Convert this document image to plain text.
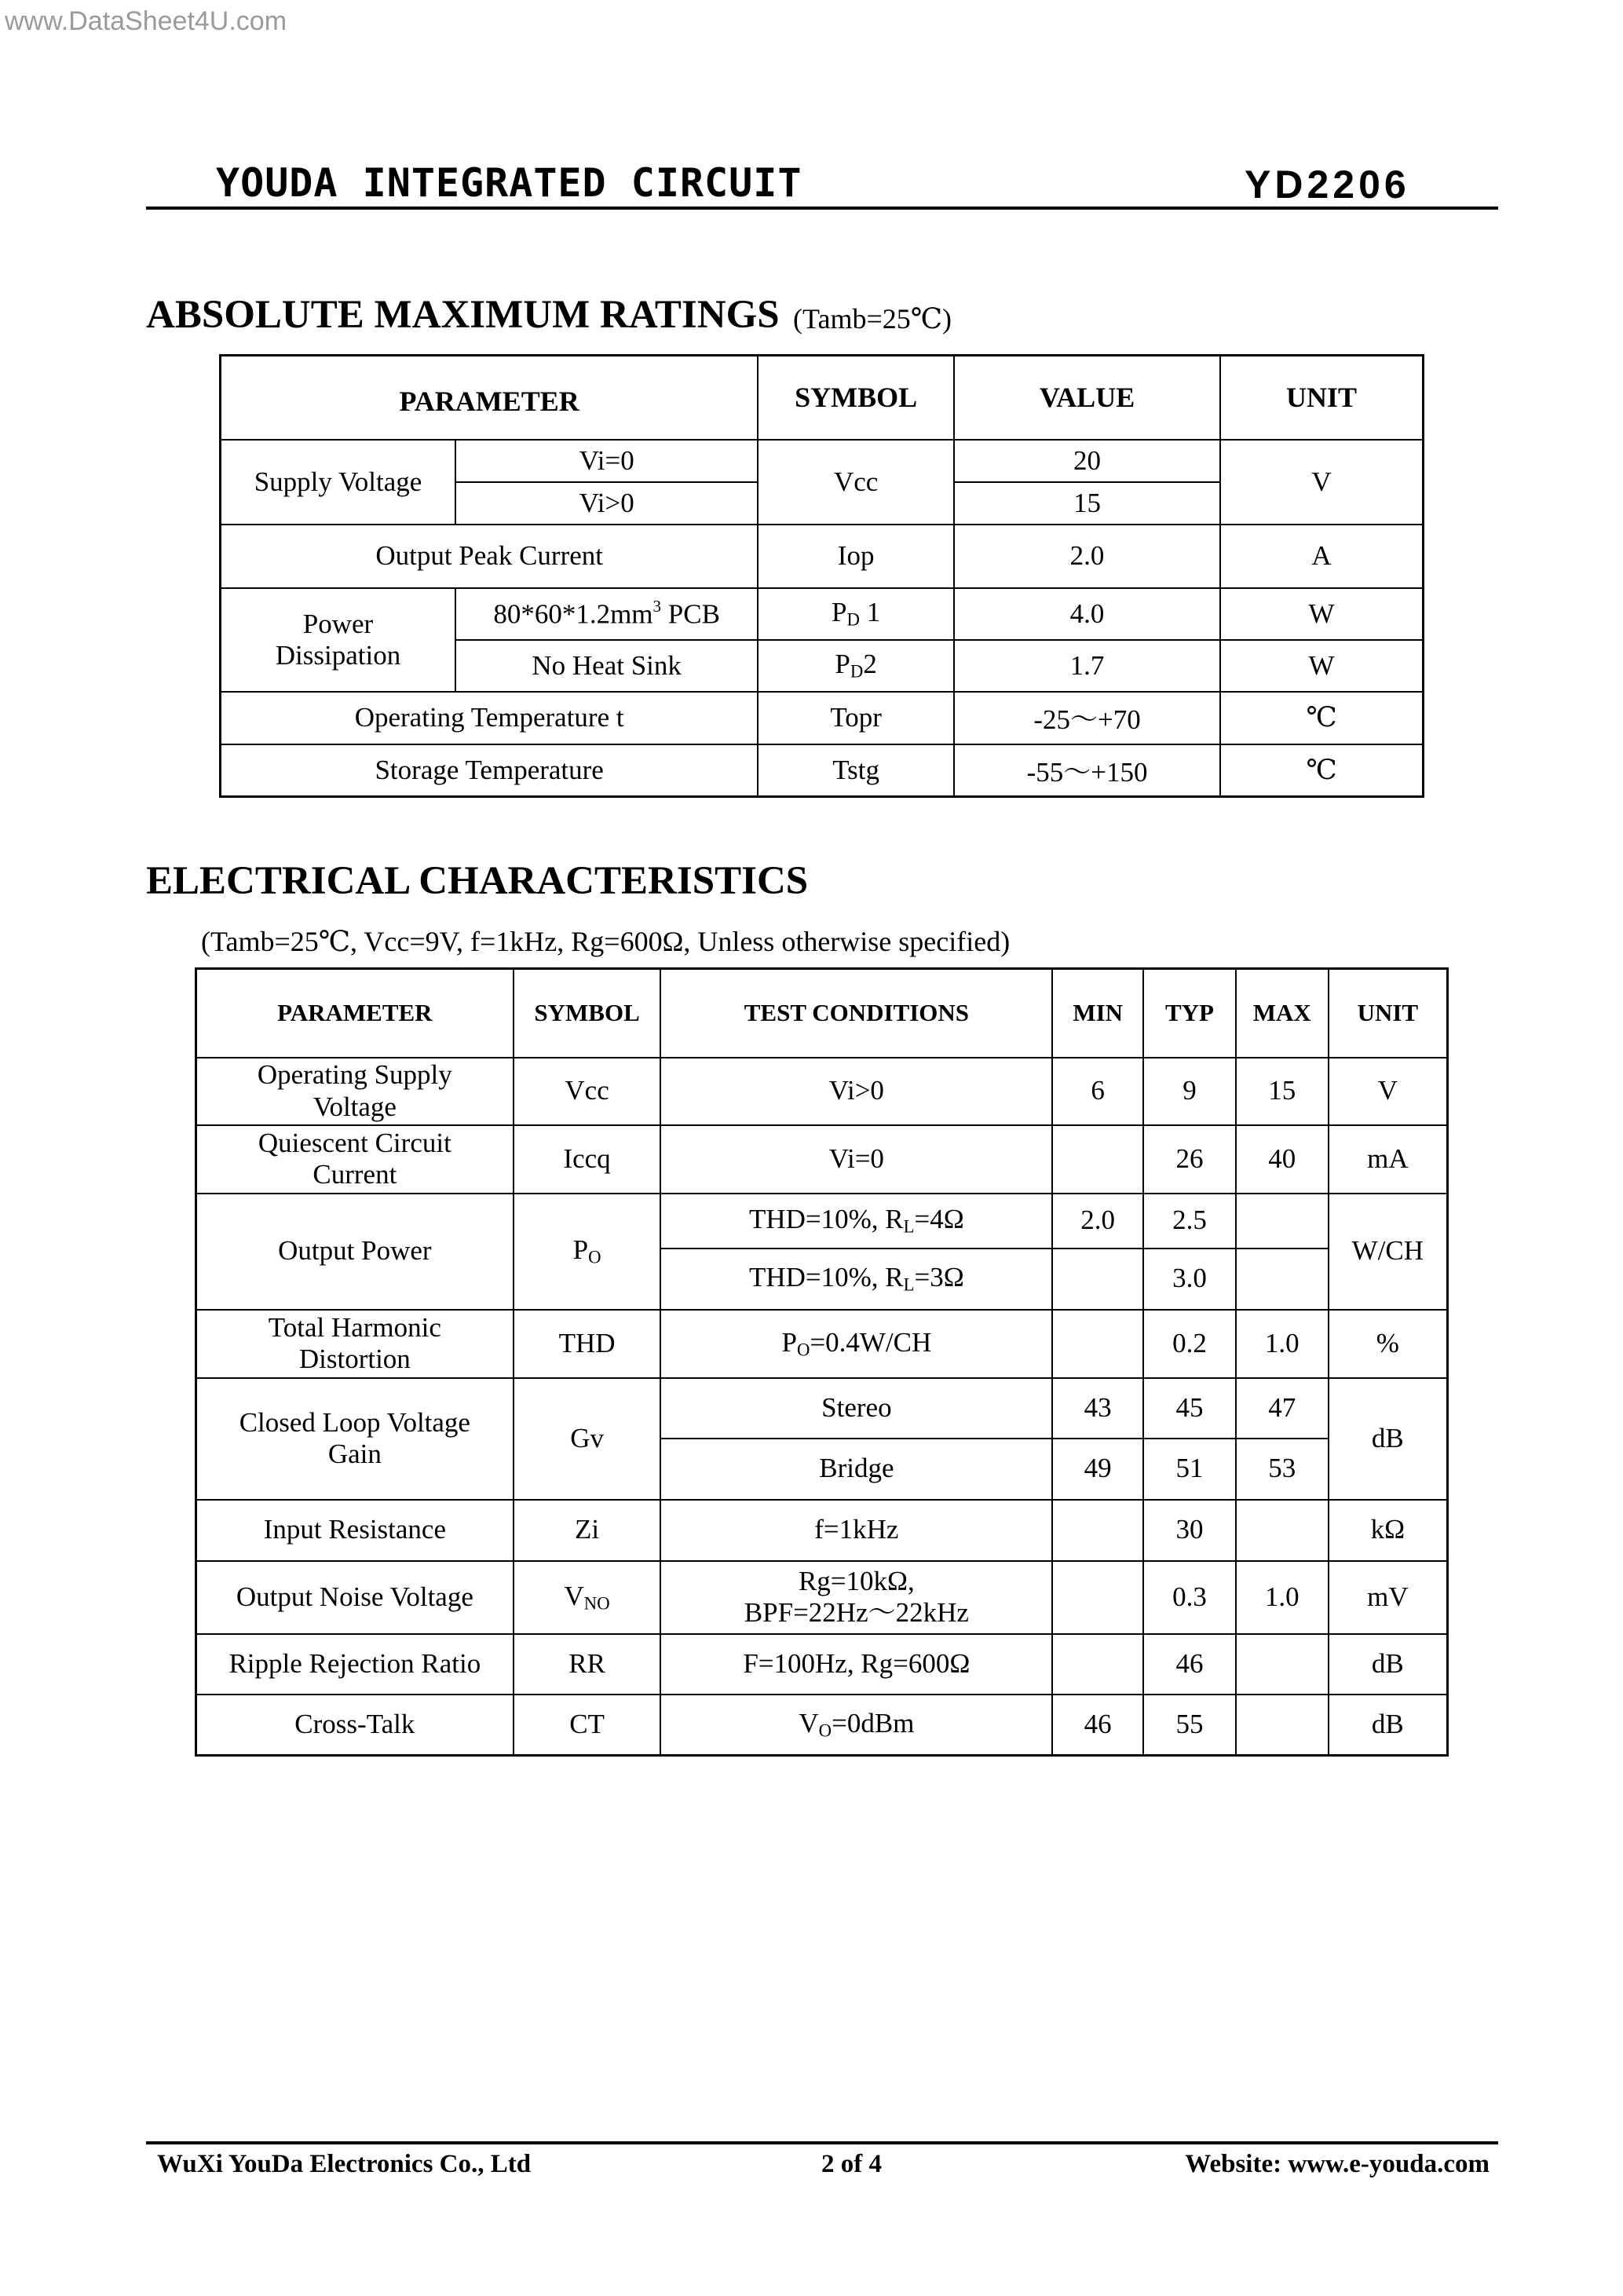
www.DataSheet4U.com
YOUDA INTEGRATED CIRCUIT	YD2206
ABSOLUTE MAXIMUM RATINGS (Tamb=25℃)
PARAMETER		SYMBOL	VALUE	UNIT
Supply Voltage	Vi=0	Vcc	20	V
	Vi>0		15	
Output Peak Current		Iop	2.0	A
Power
Dissipation	$80*60*1.2mm^3$ PCB	$P_D$ 1	4.0	W
	No Heat Sink	$P_D2$	1.7	W
Operating Temperature t		Topr	-25～+70	℃
Storage Temperature		Tstg	-55～+150	℃
ELECTRICAL CHARACTERISTICS
(Tamb=25℃, Vcc=9V, f=1kHz, Rg=600Ω, Unless otherwise specified)
PARAMETER	SYMBOL	TEST CONDITIONS	MIN	TYP	MAX	UNIT
Operating Supply
Voltage	Vcc	Vi>0	6	9	15	V
Quiescent Circuit
Current	Iccq	Vi=0		26	40	mA
Output Power	$P_O$	THD=10%, $R_L=4\Omega$	2.0	2.5		W/CH
		THD=10%, $R_L=3\Omega$		3.0		
Total Harmonic
Distortion	THD	$P_O=0.4W/CH$		0.2	1.0	%
Closed Loop Voltage
Gain	Gv	Stereo	43	45	47	dB
		Bridge	49	51	53	
Input Resistance	Zi	f=1kHz		30		kΩ
Output Noise Voltage	$V_{NO}$	Rg=10kΩ,
BPF=22Hz～22kHz		0.3	1.0	mV
Ripple Rejection Ratio	RR	F=100Hz, Rg=600Ω		46		dB
Cross-Talk	CT	$V_O=0dBm$	46	55		dB
WuXi YouDa Electronics Co., Ltd	2 of 4	Website: www.e-youda.com
